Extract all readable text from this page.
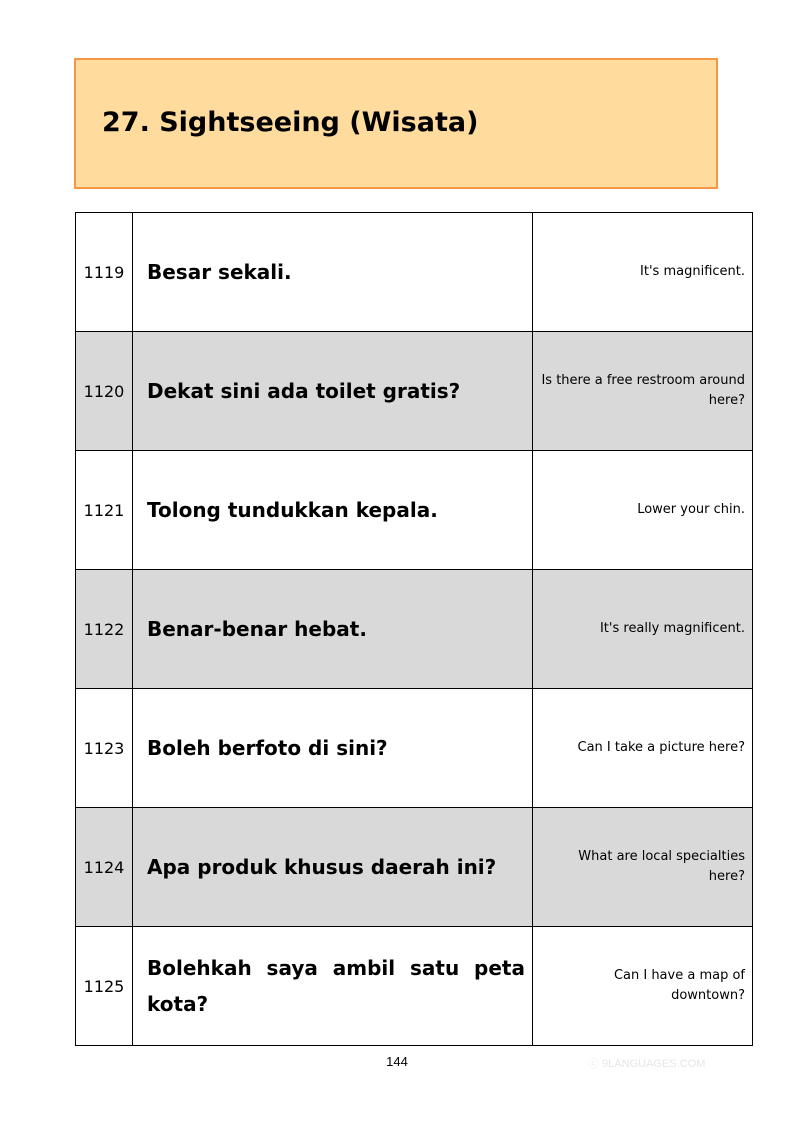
27. Sightseeing (Wisata)
1119	Besar sekali.	It's magnificent.
1120	Dekat sini ada toilet gratis?	Is there a free restroom around here?
1121	Tolong tundukkan kepala.	Lower your chin.
1122	Benar-benar hebat.	It's really magnificent.
1123	Boleh berfoto di sini?	Can I take a picture here?
1124	Apa produk khusus daerah ini?	What are local specialties here?
1125	Bolehkah saya ambil satu peta kota?	Can I have a map of downtown?
144	ⓒ 9LANGUAGES.COM
